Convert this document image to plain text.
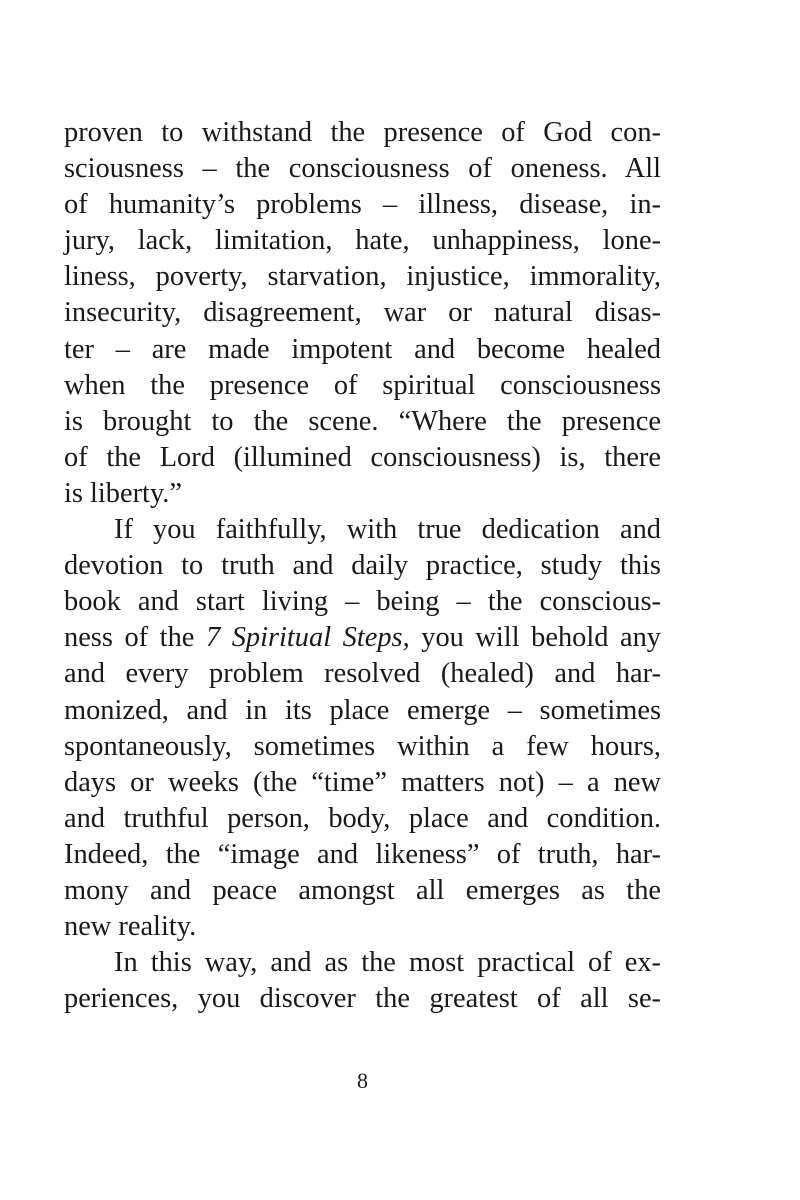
proven to withstand the presence of God con-
sciousness – the consciousness of oneness. All
of humanity’s problems – illness, disease, in-
jury, lack, limitation, hate, unhappiness, lone-
liness, poverty, starvation, injustice, immorality,
insecurity, disagreement, war or natural disas-
ter – are made impotent and become healed
when the presence of spiritual consciousness
is brought to the scene. “Where the presence
of the Lord (illumined consciousness) is, there
is liberty.”
If you faithfully, with true dedication and
devotion to truth and daily practice, study this
book and start living – being – the conscious-
ness of the 7 Spiritual Steps, you will behold any
and every problem resolved (healed) and har-
monized, and in its place emerge – sometimes
spontaneously, sometimes within a few hours,
days or weeks (the “time” matters not) – a new
and truthful person, body, place and condition.
Indeed, the “image and likeness” of truth, har-
mony and peace amongst all emerges as the
new reality.
In this way, and as the most practical of ex-
periences, you discover the greatest of all se-
8
